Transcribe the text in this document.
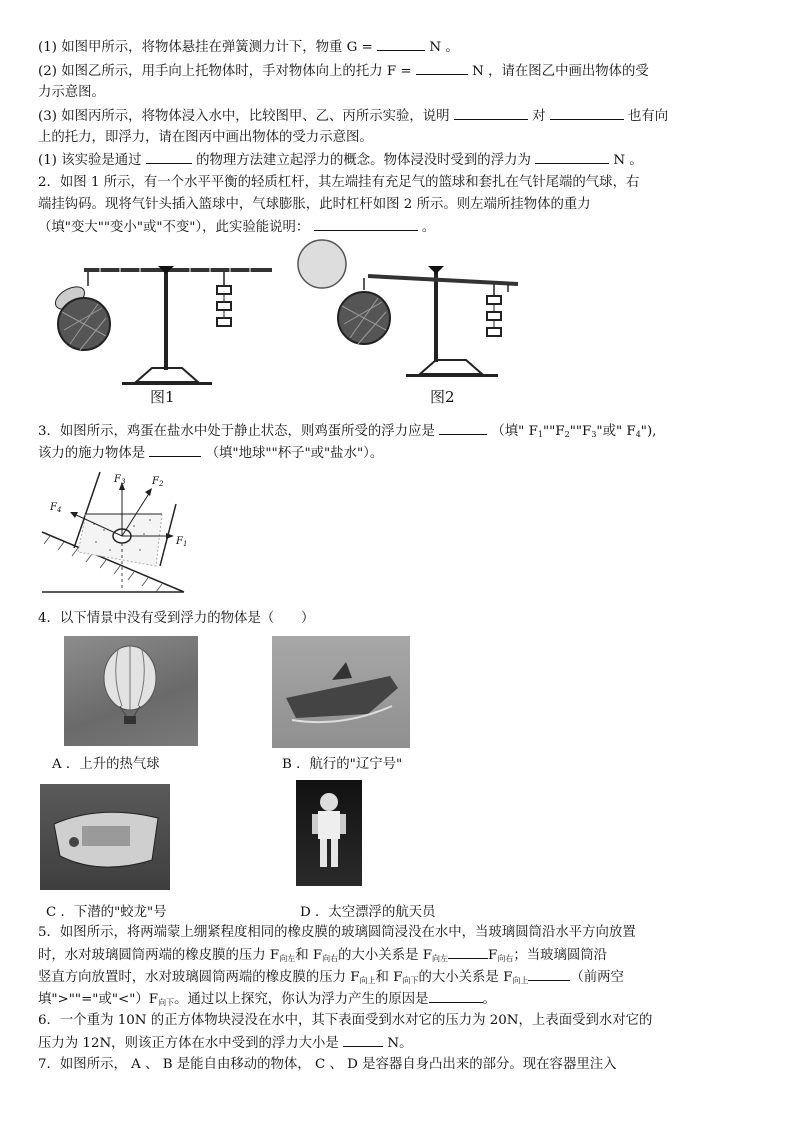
(1) 如图甲所示，将物体悬挂在弹簧测力计下，物重 G =	N 。
(2) 如图乙所示，用手向上托物体时，手对物体向上的托力 F =	N ，请在图乙中画出物体的受
力示意图。
(3) 如图丙所示，将物体浸入水中，比较图甲、乙、丙所示实验，说明	对	也有向
上的托力，即浮力，请在图丙中画出物体的受力示意图。
(1) 该实验是通过	的物理方法建立起浮力的概念。物体浸没时受到的浮力为	N 。
2．如图 1 所示，有一个水平平衡的轻质杠杆，其左端挂有充足气的篮球和套扎在气针尾端的气球，右
端挂钩码。现将气针头插入篮球中，气球膨胀，此时杠杆如图 2 所示。则左端所挂物体的重力
（填"变大""变小"或"不变"），此实验能说明：	。
图1	图2
3．如图所示，鸡蛋在盐水中处于静止状态，则鸡蛋所受的浮力应是	（填" $F_1""F_2""F_3$"或" $F_4$"),
该力的施力物体是	（填"地球""杯子"或"盐水"）。
$F_3$	$F_2$
$F_1$
$F_4$
4．以下情景中没有受到浮力的物体是（　　）
A ．上升的热气球	B ．航行的"辽宁号"
C ．下潜的"蛟龙"号	D ．太空漂浮的航天员
5．如图所示，将两端蒙上绷紧程度相同的橡皮膜的玻璃圆筒浸没在水中，当玻璃圆筒沿水平方向放置
时，水对玻璃圆筒两端的橡皮膜的压力 $F_{向左}$和 $F_{向右}$的大小关系是 $F_{向左}$	$F_{向右}$；当玻璃圆筒沿
竖直方向放置时，水对玻璃圆筒两端的橡皮膜的压力 $F_{向上}$和 $F_{向下}$的大小关系是 $F_{向上}$	（前两空
填">""="或"$<")F_{向下}$。通过以上探究，你认为浮力产生的原因是	。
6．一个重为 10N 的正方体物块浸没在水中，其下表面受到水对它的压力为 20N，上表面受到水对它的
压力为 12N，则该正方体在水中受到的浮力大小是	N。
7．如图所示， A 、 B 是能自由移动的物体， C 、 D 是容器自身凸出来的部分。现在容器里注入
